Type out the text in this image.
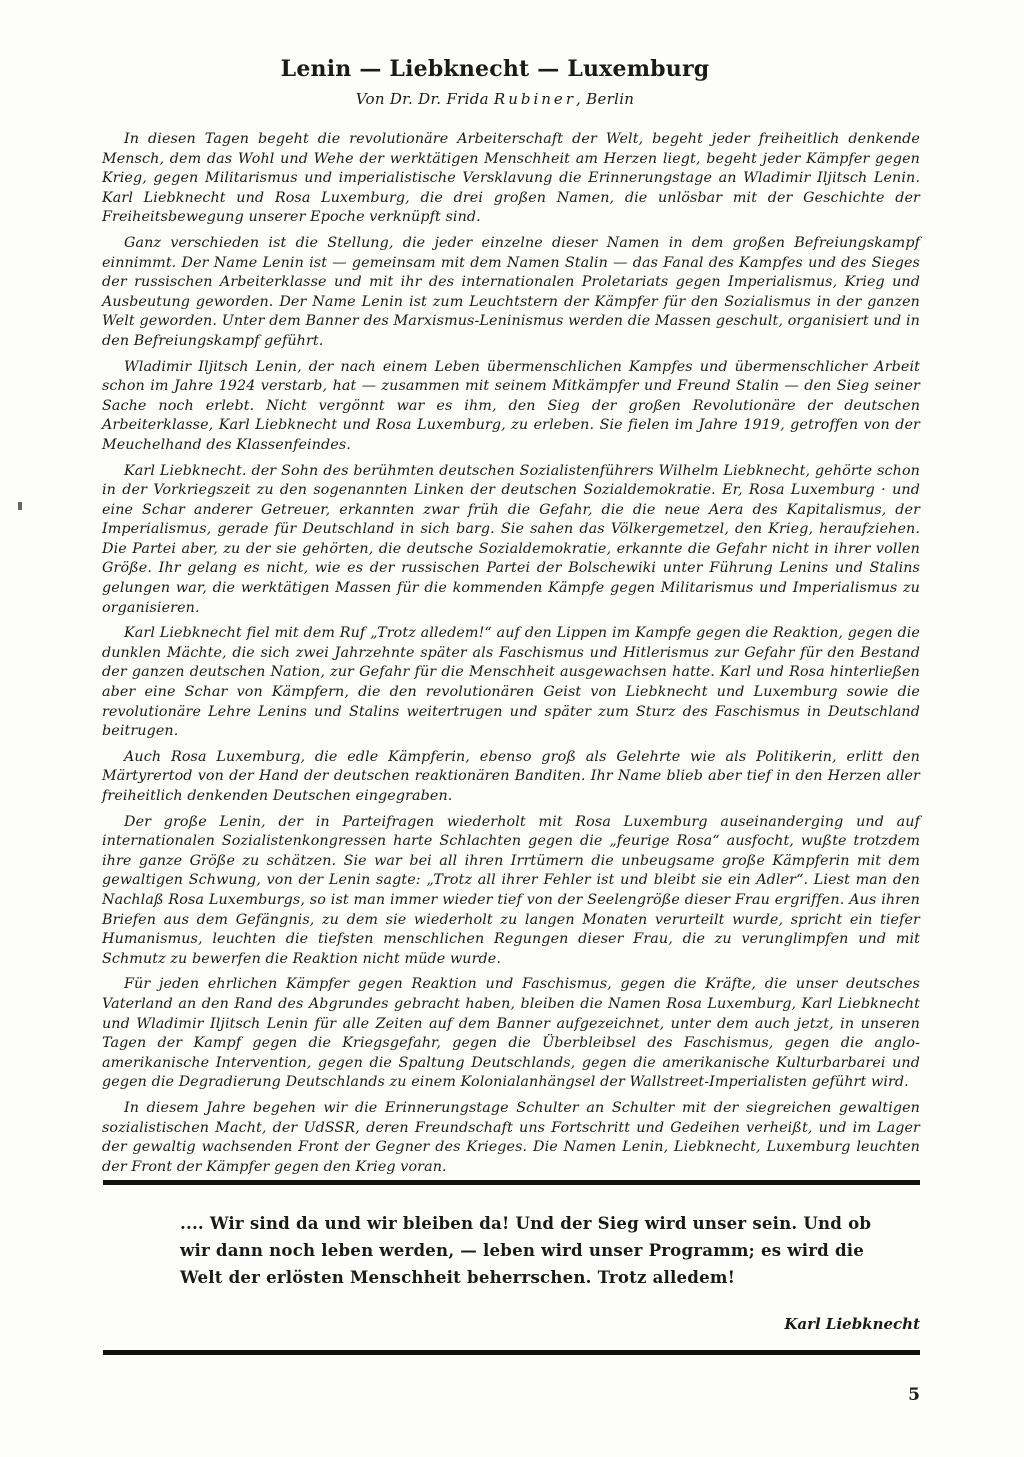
Lenin — Liebknecht — Luxemburg
Von Dr. Dr. Frida Rubiner, Berlin

In diesen Tagen begeht die revolutionäre Arbeiterschaft der Welt, begeht jeder freiheitlich denkende Mensch, dem das Wohl und Wehe der werktätigen Menschheit am Herzen liegt, begeht jeder Kämpfer gegen Krieg, gegen Militarismus und imperialistische Versklavung die Erinnerungstage an Wladimir Iljitsch Lenin. Karl Liebknecht und Rosa Luxemburg, die drei großen Namen, die unlösbar mit der Geschichte der Freiheitsbewegung unserer Epoche verknüpft sind.

Ganz verschieden ist die Stellung, die jeder einzelne dieser Namen in dem großen Befreiungskampf einnimmt. Der Name Lenin ist — gemeinsam mit dem Namen Stalin — das Fanal des Kampfes und des Sieges der russischen Arbeiterklasse und mit ihr des internationalen Proletariats gegen Imperialismus, Krieg und Ausbeutung geworden. Der Name Lenin ist zum Leuchtstern der Kämpfer für den Sozialismus in der ganzen Welt geworden. Unter dem Banner des Marxismus-Leninismus werden die Massen geschult, organisiert und in den Befreiungskampf geführt.

Wladimir Iljitsch Lenin, der nach einem Leben übermenschlichen Kampfes und übermenschlicher Arbeit schon im Jahre 1924 verstarb, hat — zusammen mit seinem Mitkämpfer und Freund Stalin — den Sieg seiner Sache noch erlebt. Nicht vergönnt war es ihm, den Sieg der großen Revolutionäre der deutschen Arbeiterklasse, Karl Liebknecht und Rosa Luxemburg, zu erleben. Sie fielen im Jahre 1919, getroffen von der Meuchelhand des Klassenfeindes.

Karl Liebknecht. der Sohn des berühmten deutschen Sozialistenführers Wilhelm Liebknecht, gehörte schon in der Vorkriegszeit zu den sogenannten Linken der deutschen Sozialdemokratie. Er, Rosa Luxemburg · und eine Schar anderer Getreuer, erkannten zwar früh die Gefahr, die die neue Aera des Kapitalismus, der Imperialismus, gerade für Deutschland in sich barg. Sie sahen das Völkergemetzel, den Krieg, heraufziehen. Die Partei aber, zu der sie gehörten, die deutsche Sozialdemokratie, erkannte die Gefahr nicht in ihrer vollen Größe. Ihr gelang es nicht, wie es der russischen Partei der Bolschewiki unter Führung Lenins und Stalins gelungen war, die werktätigen Massen für die kommenden Kämpfe gegen Militarismus und Imperialismus zu organisieren.

Karl Liebknecht fiel mit dem Ruf „Trotz alledem!“ auf den Lippen im Kampfe gegen die Reaktion, gegen die dunklen Mächte, die sich zwei Jahrzehnte später als Faschismus und Hitlerismus zur Gefahr für den Bestand der ganzen deutschen Nation, zur Gefahr für die Menschheit ausgewachsen hatte. Karl und Rosa hinterließen aber eine Schar von Kämpfern, die den revolutionären Geist von Liebknecht und Luxemburg sowie die revolutionäre Lehre Lenins und Stalins weitertrugen und später zum Sturz des Faschismus in Deutschland beitrugen.

Auch Rosa Luxemburg, die edle Kämpferin, ebenso groß als Gelehrte wie als Politikerin, erlitt den Märtyrertod von der Hand der deutschen reaktionären Banditen. Ihr Name blieb aber tief in den Herzen aller freiheitlich denkenden Deutschen eingegraben.

Der große Lenin, der in Parteifragen wiederholt mit Rosa Luxemburg auseinanderging und auf internationalen Sozialistenkongressen harte Schlachten gegen die „feurige Rosa“ ausfocht, wußte trotzdem ihre ganze Größe zu schätzen. Sie war bei all ihren Irrtümern die unbeugsame große Kämpferin mit dem gewaltigen Schwung, von der Lenin sagte: „Trotz all ihrer Fehler ist und bleibt sie ein Adler“. Liest man den Nachlaß Rosa Luxemburgs, so ist man immer wieder tief von der Seelengröße dieser Frau ergriffen. Aus ihren Briefen aus dem Gefängnis, zu dem sie wiederholt zu langen Monaten verurteilt wurde, spricht ein tiefer Humanismus, leuchten die tiefsten menschlichen Regungen dieser Frau, die zu verunglimpfen und mit Schmutz zu bewerfen die Reaktion nicht müde wurde.

Für jeden ehrlichen Kämpfer gegen Reaktion und Faschismus, gegen die Kräfte, die unser deutsches Vaterland an den Rand des Abgrundes gebracht haben, bleiben die Namen Rosa Luxemburg, Karl Liebknecht und Wladimir Iljitsch Lenin für alle Zeiten auf dem Banner aufgezeichnet, unter dem auch jetzt, in unseren Tagen der Kampf gegen die Kriegsgefahr, gegen die Überbleibsel des Faschismus, gegen die anglo-amerikanische Intervention, gegen die Spaltung Deutschlands, gegen die amerikanische Kulturbarbarei und gegen die Degradierung Deutschlands zu einem Kolonialanhängsel der Wallstreet-Imperialisten geführt wird.

In diesem Jahre begehen wir die Erinnerungstage Schulter an Schulter mit der siegreichen gewaltigen sozialistischen Macht, der UdSSR, deren Freundschaft uns Fortschritt und Gedeihen verheißt, und im Lager der gewaltig wachsenden Front der Gegner des Krieges. Die Namen Lenin, Liebknecht, Luxemburg leuchten der Front der Kämpfer gegen den Krieg voran.

.... Wir sind da und wir bleiben da! Und der Sieg wird unser sein. Und ob wir dann noch leben werden, — leben wird unser Programm; es wird die Welt der erlösten Menschheit beherrschen. Trotz alledem!
Karl Liebknecht
5
